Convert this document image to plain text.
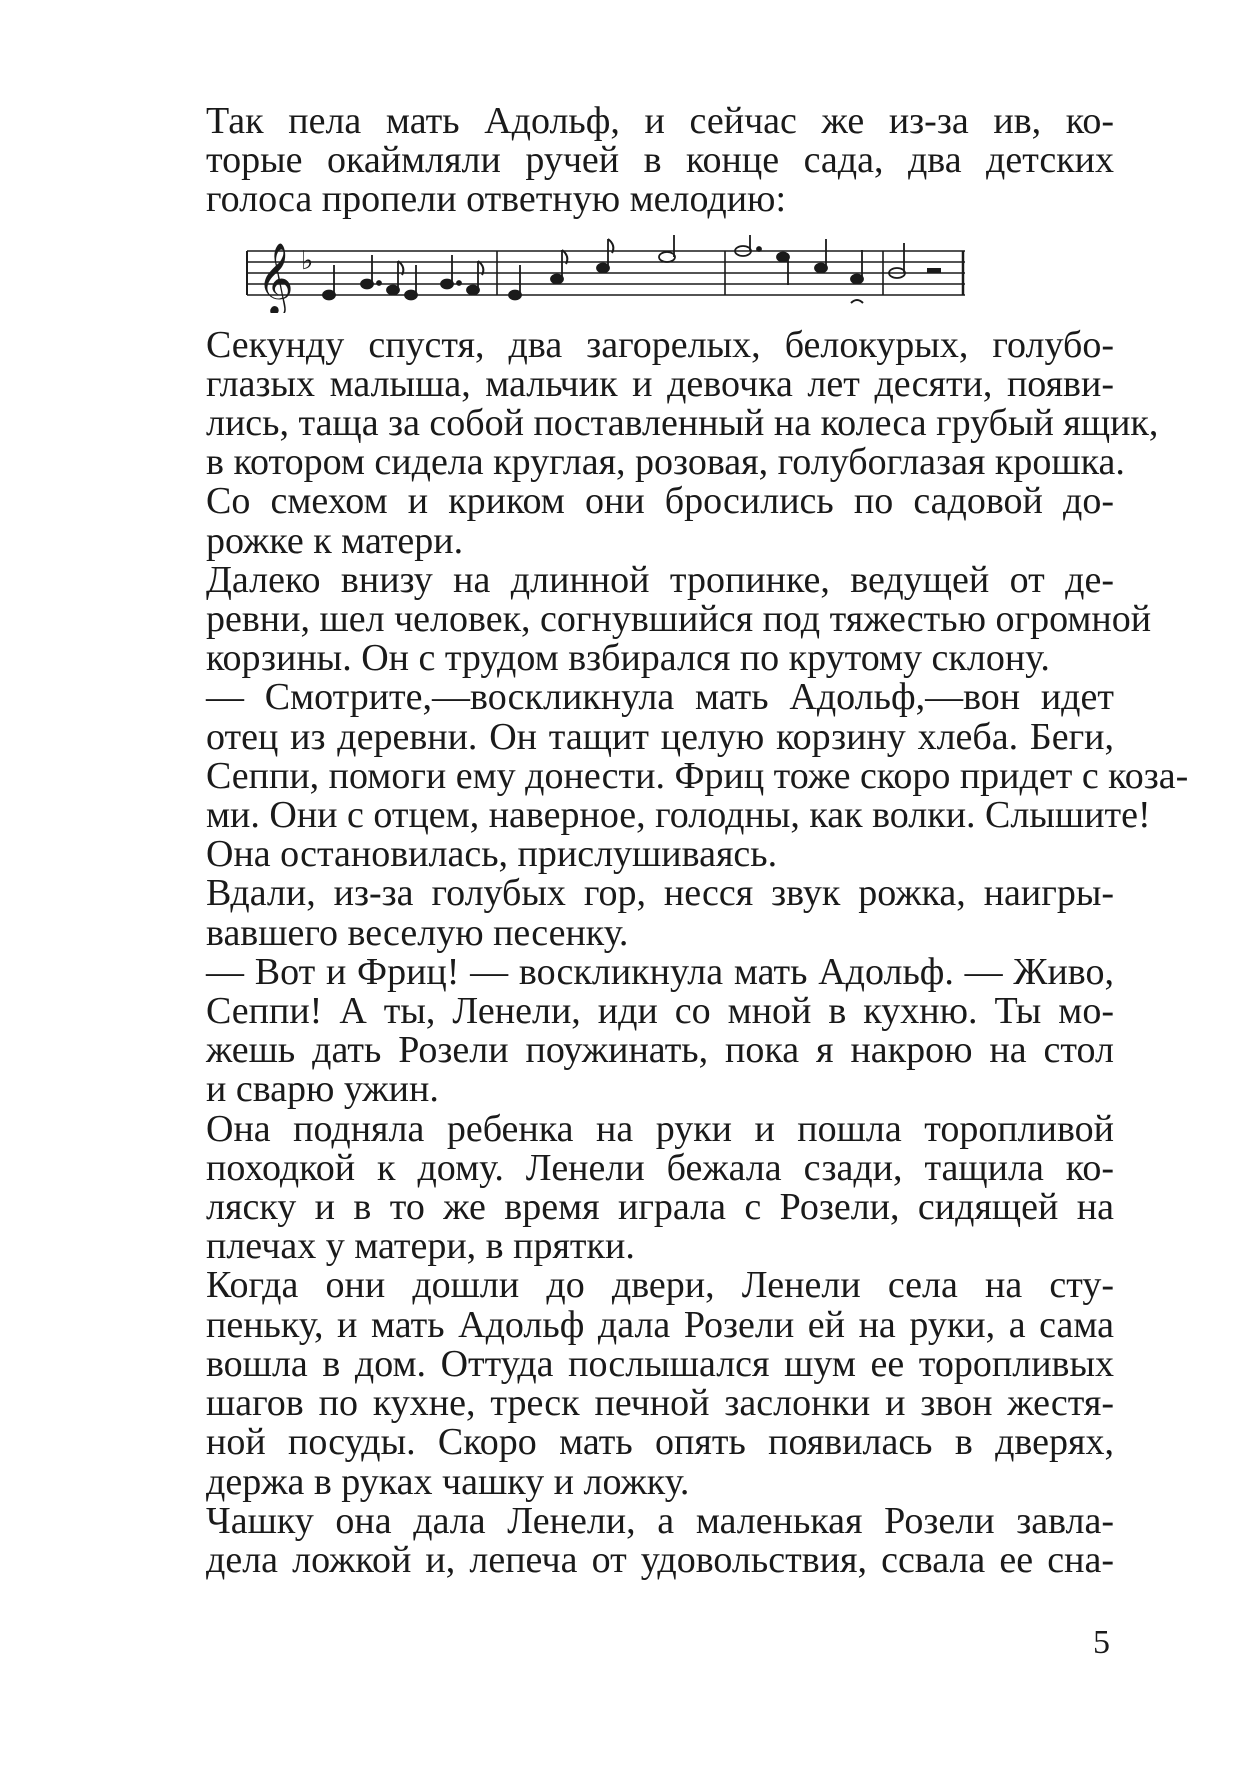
Так пела мать Адольф, и сейчас же из-за ив, ко-
торые окаймляли ручей в конце сада, два детских
голоса пропели ответную мелодию:

𝄞 ♭

Секунду спустя, два загорелых, белокурых, голубо-
глазых малыша, мальчик и девочка лет десяти, появи-
лись, таща за собой поставленный на колеса грубый ящик,
в котором сидела круглая, розовая, голубоглазая крошка.

Со смехом и криком они бросились по садовой до-
рожке к матери.

Далеко внизу на длинной тропинке, ведущей от де-
ревни, шел человек, согнувшийся под тяжестью огромной
корзины. Он с трудом взбирался по крутому склону.

— Смотрите,—воскликнула мать Адольф,—вон идет
отец из деревни. Он тащит целую корзину хлеба. Беги,
Сеппи, помоги ему донести. Фриц тоже скоро придет с коза-
ми. Они с отцем, наверное, голодны, как волки. Слышите!

Она остановилась, прислушиваясь.

Вдали, из-за голубых гор, несся звук рожка, наигры-
вавшего веселую песенку.

— Вот и Фриц! — воскликнула мать Адольф. — Живо,
Сеппи! А ты, Ленели, иди со мной в кухню. Ты мо-
жешь дать Розели поужинать, пока я накрою на стол
и сварю ужин.

Она подняла ребенка на руки и пошла торопливой
походкой к дому. Ленели бежала сзади, тащила ко-
ляску и в то же время играла с Розели, сидящей на
плечах у матери, в прятки.

Когда они дошли до двери, Ленели села на сту-
пеньку, и мать Адольф дала Розели ей на руки, а сама
вошла в дом. Оттуда послышался шум ее торопливых
шагов по кухне, треск печной заслонки и звон жестя-
ной посуды. Скоро мать опять появилась в дверях,
держа в руках чашку и ложку.

Чашку она дала Ленели, а маленькая Розели завла-
дела ложкой и, лепеча от удовольствия, ссвала ее сна-

5
